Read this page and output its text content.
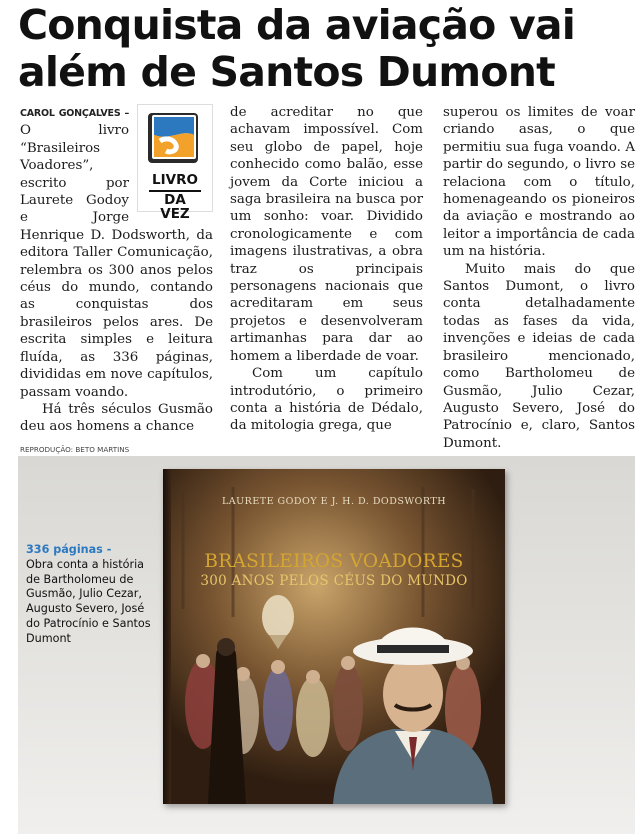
Conquista da aviação vai
além de Santos Dumont
LIVRO
DA VEZ

CAROL GONÇALVES – O livro “Brasileiros Voadores”, escrito por Laurete Godoy e Jorge Henrique D. Dodsworth, da editora Taller Comunicação, relembra os 300 anos pelos céus do mundo, contando as conquistas dos brasileiros pelos ares. De escrita simples e leitura fluída, as 336 páginas, divididas em nove capítulos, passam voando.

Há três séculos Gusmão deu aos homens a chance

de acreditar no que achavam impossível. Com seu globo de papel, hoje conhecido como balão, esse jovem da Corte iniciou a saga brasileira na busca por um sonho: voar. Dividido cronologicamente e com imagens ilustrativas, a obra traz os principais personagens nacionais que acreditaram em seus projetos e desenvolveram artimanhas para dar ao homem a liberdade de voar.

Com um capítulo introdutório, o primeiro conta a história de Dédalo, da mitologia grega, que

superou os limites de voar criando asas, o que permitiu sua fuga voando. A partir do segundo, o livro se relaciona com o título, homenageando os pioneiros da aviação e mostrando ao leitor a importância de cada um na história.

Muito mais do que Santos Dumont, o livro conta detalhadamente todas as fases da vida, invenções e ideias de cada brasileiro mencionado, como Bartholomeu de Gusmão, Julio Cezar, Augusto Severo, José do Patrocínio e, claro, Santos Dumont.

REPRODUÇÃO: BETO MARTINS
336 páginas -
Obra conta a história de Bartholomeu de Gusmão, Julio Cezar, Augusto Severo, José do Patrocínio e Santos Dumont
LAURETE GODOY E J. H. D. DODSWORTH
BRASILEIROS VOADORES
300 ANOS PELOS CÉUS DO MUNDO
